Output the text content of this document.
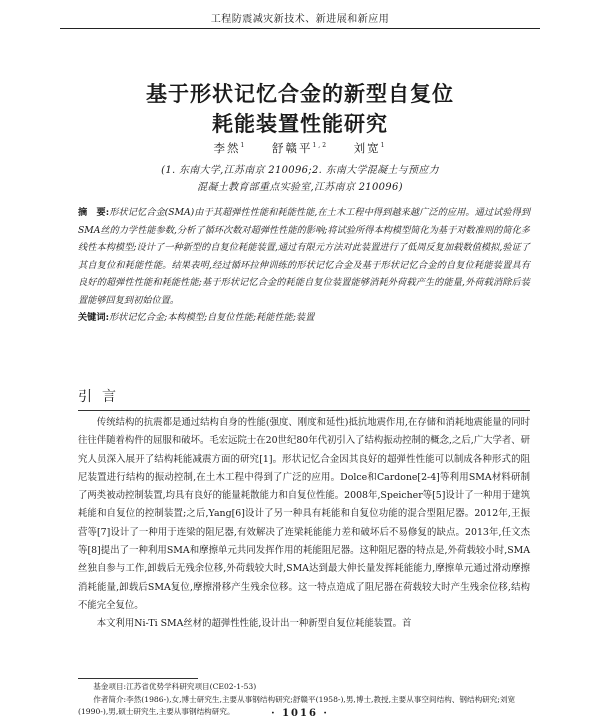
工程防震减灾新技术、新进展和新应用
基于形状记忆合金的新型自复位
耗能装置性能研究
李然$^1$ 舒赣平$^{1,2}$ 刘宽$^1$
(1. 东南大学,江苏南京 210096;2. 东南大学混凝土与预应力
混凝土教育部重点实验室,江苏南京 210096)
摘　要:形状记忆合金(SMA)由于其超弹性性能和耗能性能,在土木工程中得到越来越广泛的应用。通过试验得到SMA丝的力学性能参数,分析了循环次数对超弹性性能的影响;将试验所得本构模型简化为基于对数准则的简化多线性本构模型;设计了一种新型的自复位耗能装置,通过有限元方法对此装置进行了低周反复加载数值模拟,验证了其自复位和耗能性能。结果表明,经过循环拉伸训练的形状记忆合金及基于形状记忆合金的自复位耗能装置具有良好的超弹性性能和耗能性能;基于形状记忆合金的耗能自复位装置能够消耗外荷载产生的能量,外荷载消除后装置能够回复到初始位置。
关键词:形状记忆合金;本构模型;自复位性能;耗能性能;装置
引言

传统结构的抗震都是通过结构自身的性能(强度、刚度和延性)抵抗地震作用,在存储和消耗地震能量的同时往往伴随着构件的屈服和破坏。毛宏远院士在20世纪80年代初引入了结构振动控制的概念,之后,广大学者、研究人员深入展开了结构耗能减震方面的研究[1]。形状记忆合金因其良好的超弹性性能可以制成各种形式的阻尼装置进行结构的振动控制,在土木工程中得到了广泛的应用。Dolce和Cardone[2-4]等利用SMA材料研制了两类被动控制装置,均具有良好的能量耗散能力和自复位性能。2008年,Speicher等[5]设计了一种用于建筑耗能和自复位的控制装置;之后,Yang[6]设计了另一种具有耗能和自复位功能的混合型阻尼器。2012年,王振营等[7]设计了一种用于连梁的阻尼器,有效解决了连梁耗能能力差和破坏后不易修复的缺点。2013年,任文杰等[8]提出了一种利用SMA和摩擦单元共同发挥作用的耗能阻尼器。这种阻尼器的特点是,外荷载较小时,SMA丝独自参与工作,卸载后无残余位移,外荷载较大时,SMA达到最大伸长量发挥耗能能力,摩擦单元通过滑动摩擦消耗能量,卸载后SMA复位,摩擦滑移产生残余位移。这一特点造成了阻尼器在荷载较大时产生残余位移,结构不能完全复位。

本文利用Ni-Ti SMA丝材的超弹性性能,设计出一种新型自复位耗能装置。首

基金项目:江苏省优势学科研究项目(CE02-1-53)

作者简介:李然(1986-),女,博士研究生,主要从事钢结构研究;舒赣平(1958-),男,博士,教授,主要从事空间结构、钢结构研究;刘宽(1990-),男,硕士研究生,主要从事钢结构研究。	· 1016 ·
